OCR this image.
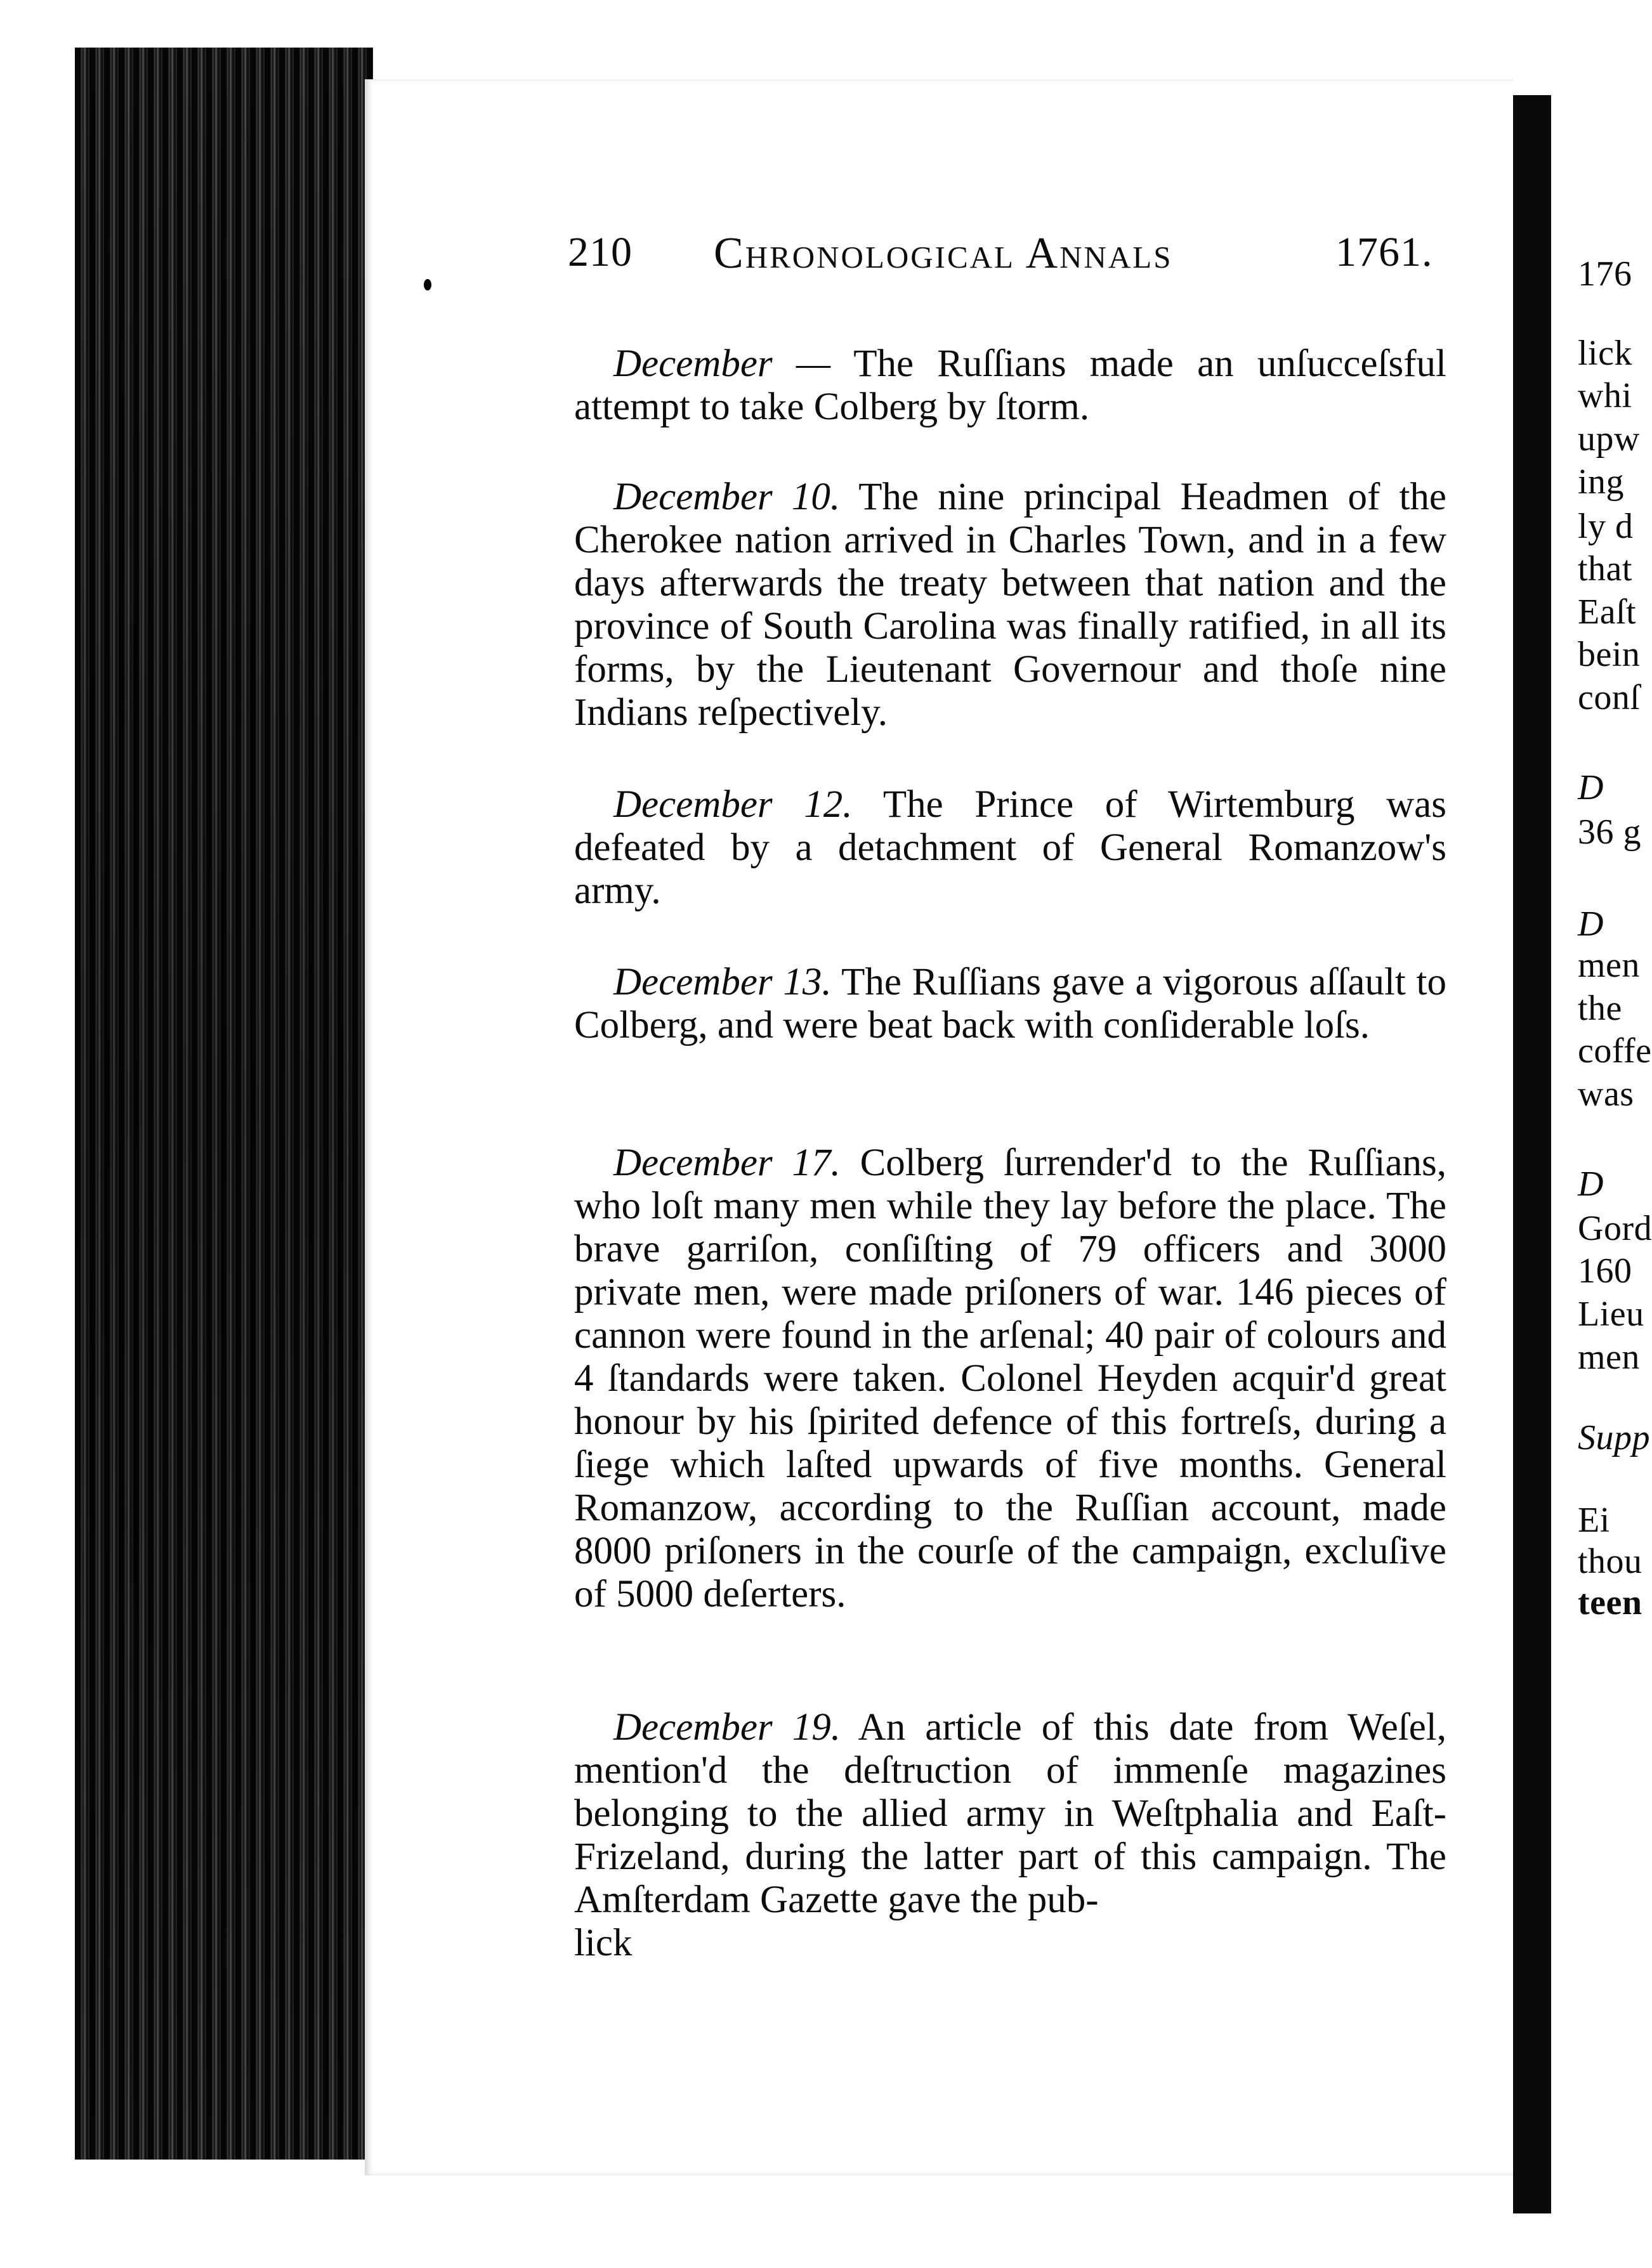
176
lick
whi
upw
ing
ly d
that
Eaſt
bein
conſ
D
36 g
D
men
the
coffe
was
D
Gord
160
Lieu
men
Supp
Ei
thou
teen
210 Chronological Annals	1761.
December — The Ruſſians made an unſucceſsful attempt to take Colberg by ſtorm.
December 10. The nine principal Headmen of the Cherokee nation arrived in Charles Town, and in a few days afterwards the treaty between that nation and the province of South Carolina was finally ratified, in all its forms, by the Lieutenant Governour and thoſe nine Indians reſpectively.
December 12. The Prince of Wirtemburg was defeated by a detachment of General Romanzow's army.
December 13. The Ruſſians gave a vigorous aſſault to Colberg, and were beat back with conſiderable loſs.
December 17. Colberg ſurrender'd to the Ruſſians, who loſt many men while they lay before the place. The brave garriſon, conſiſting of 79 officers and 3000 private men, were made priſoners of war. 146 pieces of cannon were found in the arſenal; 40 pair of colours and 4 ſtandards were taken. Colonel Heyden acquir'd great honour by his ſpirited defence of this fortreſs, during a ſiege which laſted upwards of five months. General Romanzow, according to the Ruſſian account, made 8000 priſoners in the courſe of the campaign, excluſive of 5000 deſerters.
December 19. An article of this date from Weſel, mention'd the deſtruction of immenſe magazines belonging to the allied army in Weſtphalia and Eaſt-Frizeland, during the latter part of this campaign. The Amſterdam Gazette gave the pub-
lick
